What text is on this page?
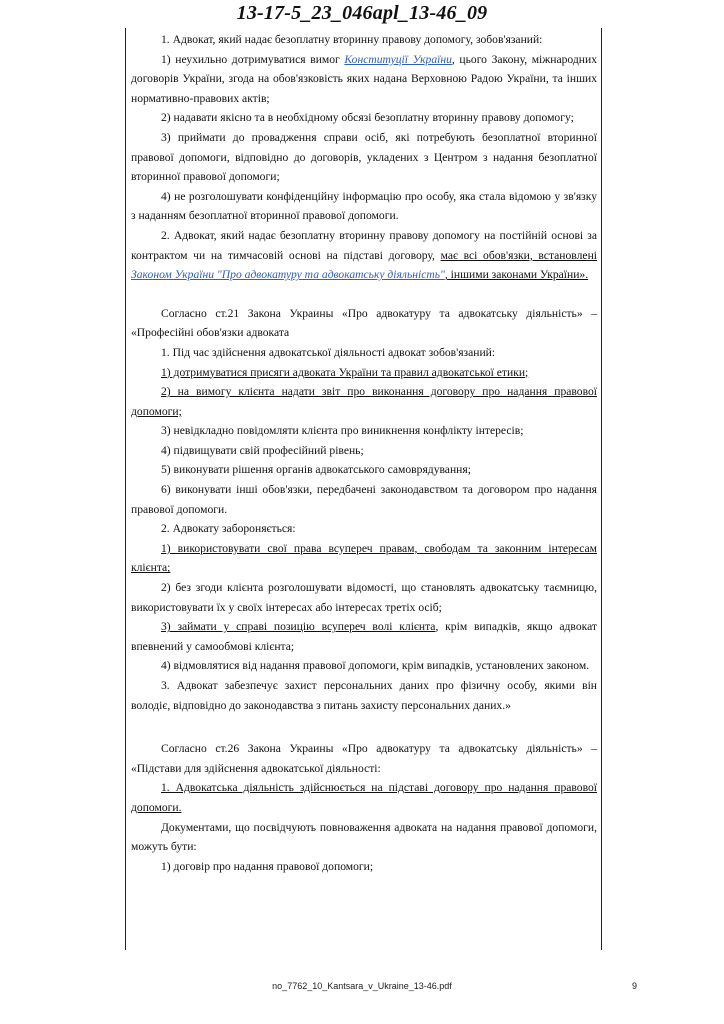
13-17-5_23_046apl_13-46_09

1. Адвокат, який надає безоплатну вторинну правову допомогу, зобов'язаний:

1) неухильно дотримуватися вимог Конституції України, цього Закону, міжнародних договорів України, згода на обов'язковість яких надана Верховною Радою України, та інших нормативно-правових актів;

2) надавати якісно та в необхідному обсязі безоплатну вторинну правову допомогу;

3) приймати до провадження справи осіб, які потребують безоплатної вторинної правової допомоги, відповідно до договорів, укладених з Центром з надання безоплатної вторинної правової допомоги;

4) не розголошувати конфіденційну інформацію про особу, яка стала відомою у зв'язку з наданням безоплатної вторинної правової допомоги.

2. Адвокат, який надає безоплатну вторинну правову допомогу на постійній основі за контрактом чи на тимчасовій основі на підставі договору, має всі обов'язки, встановлені Законом України "Про адвокатуру та адвокатську діяльність", іншими законами України».

Согласно ст.21 Закона Украины «Про адвокатуру та адвокатську діяльність» – «Професійні обов'язки адвоката

1. Під час здійснення адвокатської діяльності адвокат зобов'язаний:

1) дотримуватися присяги адвоката України та правил адвокатської етики;

2) на вимогу клієнта надати звіт про виконання договору про надання правової допомоги;

3) невідкладно повідомляти клієнта про виникнення конфлікту інтересів;

4) підвищувати свій професійний рівень;

5) виконувати рішення органів адвокатського самоврядування;

6) виконувати інші обов'язки, передбачені законодавством та договором про надання правової допомоги.

2. Адвокату забороняється:

1) використовувати свої права всупереч правам, свободам та законним інтересам клієнта;

2) без згоди клієнта розголошувати відомості, що становлять адвокатську таємницю, використовувати їх у своїх інтересах або інтересах третіх осіб;

3) займати у справі позицію всупереч волі клієнта, крім випадків, якщо адвокат впевнений у самообмові клієнта;

4) відмовлятися від надання правової допомоги, крім випадків, установлених законом.

3. Адвокат забезпечує захист персональних даних про фізичну особу, якими він володіє, відповідно до законодавства з питань захисту персональних даних.»

Согласно ст.26 Закона Украины «Про адвокатуру та адвокатську діяльність» – «Підстави для здійснення адвокатської діяльності:

1. Адвокатська діяльність здійснюється на підставі договору про надання правової допомоги.

Документами, що посвідчують повноваження адвоката на надання правової допомоги, можуть бути:

1) договір про надання правової допомоги;

no_7762_10_Kantsara_v_Ukraine_13-46.pdf	9
